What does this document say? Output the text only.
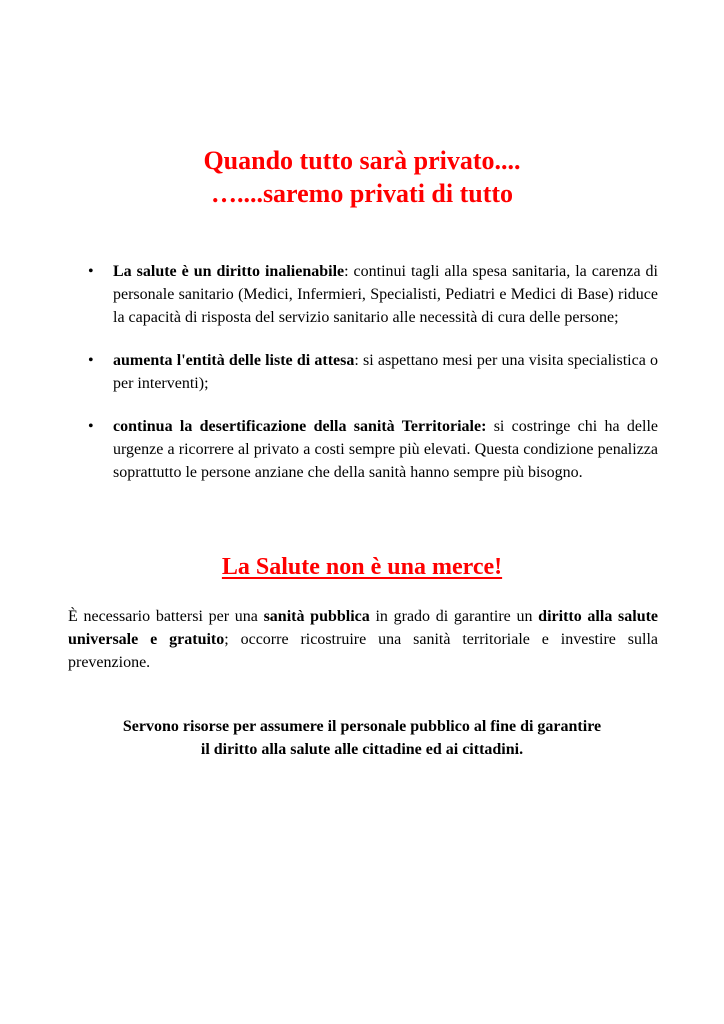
Quando tutto sarà privato....
…....saremo privati di tutto
• La salute è un diritto inalienabile: continui tagli alla spesa sanitaria, la carenza di personale sanitario (Medici, Infermieri, Specialisti, Pediatri e Medici di Base) riduce la capacità di risposta del servizio sanitario alle necessità di cura delle persone;
• aumenta l'entità delle liste di attesa: si aspettano mesi per una visita specialistica o per interventi);
• continua la desertificazione della sanità Territoriale: si costringe chi ha delle urgenze a ricorrere al privato a costi sempre più elevati. Questa condizione penalizza soprattutto le persone anziane che della sanità hanno sempre più bisogno.
La Salute non è una merce!
È necessario battersi per una sanità pubblica in grado di garantire un diritto alla salute universale e gratuito; occorre ricostruire una sanità territoriale e investire sulla prevenzione.
Servono risorse per assumere il personale pubblico al fine di garantire
il diritto alla salute alle cittadine ed ai cittadini.
